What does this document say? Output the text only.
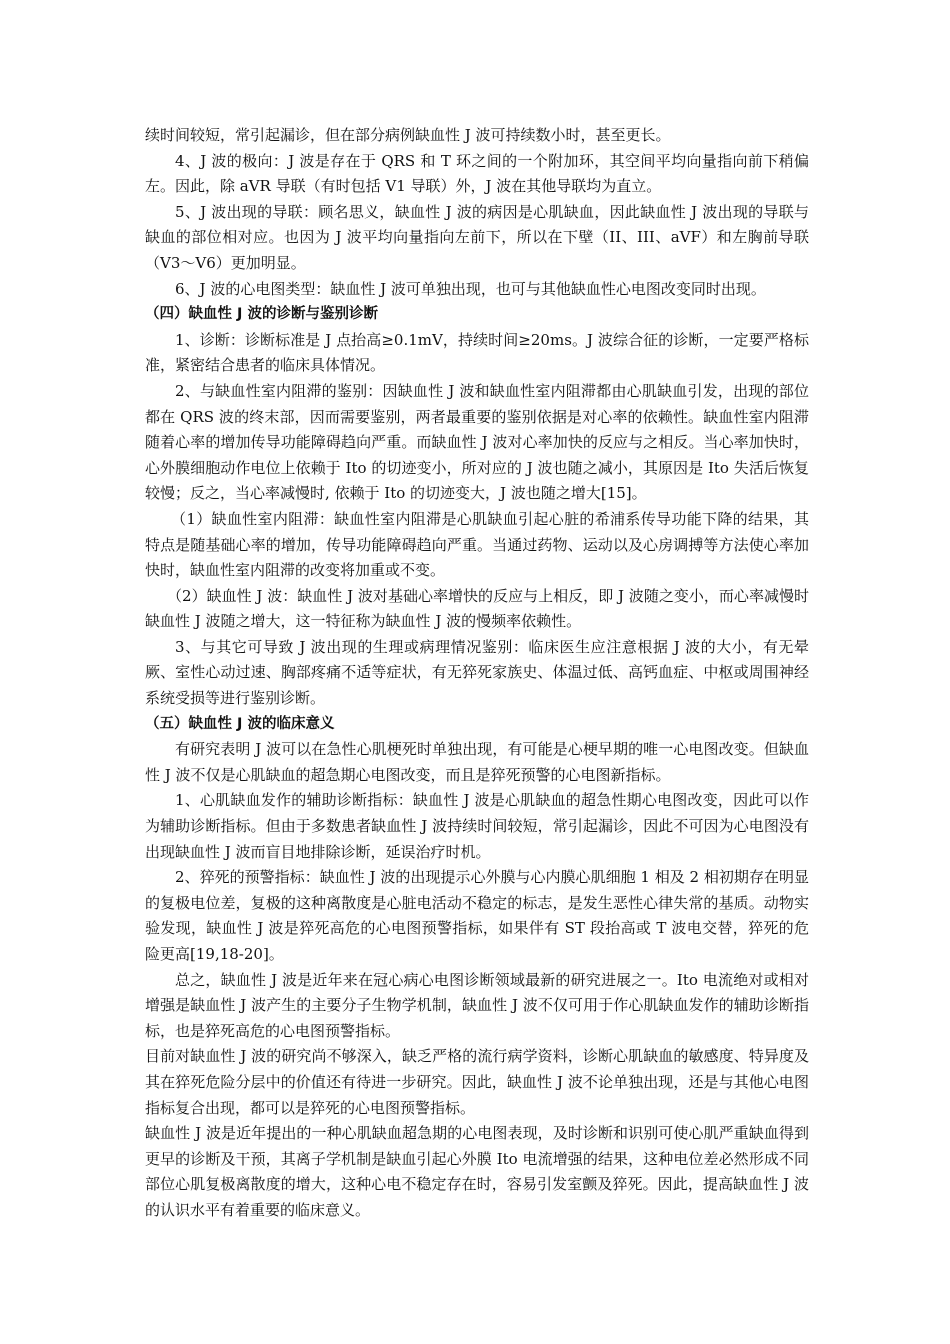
续时间较短，常引起漏诊，但在部分病例缺血性 J 波可持续数小时，甚至更长。

4、J 波的极向：J 波是存在于 QRS 和 T 环之间的一个附加环，其空间平均向量指向前下稍偏左。因此，除 aVR 导联（有时包括 V1 导联）外，J 波在其他导联均为直立。

5、J 波出现的导联：顾名思义，缺血性 J 波的病因是心肌缺血，因此缺血性 J 波出现的导联与缺血的部位相对应。也因为 J 波平均向量指向左前下，所以在下壁（II、III、aVF）和左胸前导联（V3～V6）更加明显。

6、J 波的心电图类型：缺血性 J 波可单独出现，也可与其他缺血性心电图改变同时出现。

（四）缺血性 J 波的诊断与鉴别诊断

1、诊断：诊断标准是 J 点抬高≥0.1mV，持续时间≥20ms。J 波综合征的诊断，一定要严格标准，紧密结合患者的临床具体情况。

2、与缺血性室内阻滞的鉴别：因缺血性 J 波和缺血性室内阻滞都由心肌缺血引发，出现的部位都在 QRS 波的终末部，因而需要鉴别，两者最重要的鉴别依据是对心率的依赖性。缺血性室内阻滞随着心率的增加传导功能障碍趋向严重。而缺血性 J 波对心率加快的反应与之相反。当心率加快时，心外膜细胞动作电位上依赖于 Ito 的切迹变小，所对应的 J 波也随之减小，其原因是 Ito 失活后恢复较慢；反之，当心率减慢时, 依赖于 Ito 的切迹变大，J 波也随之增大[15]。

（1）缺血性室内阻滞：缺血性室内阻滞是心肌缺血引起心脏的希浦系传导功能下降的结果，其特点是随基础心率的增加，传导功能障碍趋向严重。当通过药物、运动以及心房调搏等方法使心率加快时，缺血性室内阻滞的改变将加重或不变。

（2）缺血性 J 波：缺血性 J 波对基础心率增快的反应与上相反，即 J 波随之变小，而心率减慢时缺血性 J 波随之增大，这一特征称为缺血性 J 波的慢频率依赖性。

3、与其它可导致 J 波出现的生理或病理情况鉴别：临床医生应注意根据 J 波的大小，有无晕厥、室性心动过速、胸部疼痛不适等症状，有无猝死家族史、体温过低、高钙血症、中枢或周围神经系统受损等进行鉴别诊断。

（五）缺血性 J 波的临床意义

有研究表明 J 波可以在急性心肌梗死时单独出现，有可能是心梗早期的唯一心电图改变。但缺血性 J 波不仅是心肌缺血的超急期心电图改变，而且是猝死预警的心电图新指标。

1、心肌缺血发作的辅助诊断指标：缺血性 J 波是心肌缺血的超急性期心电图改变，因此可以作为辅助诊断指标。但由于多数患者缺血性 J 波持续时间较短，常引起漏诊，因此不可因为心电图没有出现缺血性 J 波而盲目地排除诊断，延误治疗时机。

2、猝死的预警指标：缺血性 J 波的出现提示心外膜与心内膜心肌细胞 1 相及 2 相初期存在明显的复极电位差，复极的这种离散度是心脏电活动不稳定的标志，是发生恶性心律失常的基质。动物实验发现，缺血性 J 波是猝死高危的心电图预警指标，如果伴有 ST 段抬高或 T 波电交替，猝死的危险更高[19,18-20]。

总之，缺血性 J 波是近年来在冠心病心电图诊断领域最新的研究进展之一。Ito 电流绝对或相对增强是缺血性 J 波产生的主要分子生物学机制，缺血性 J 波不仅可用于作心肌缺血发作的辅助诊断指标，也是猝死高危的心电图预警指标。

目前对缺血性 J 波的研究尚不够深入，缺乏严格的流行病学资料，诊断心肌缺血的敏感度、特异度及其在猝死危险分层中的价值还有待进一步研究。因此，缺血性 J 波不论单独出现，还是与其他心电图指标复合出现，都可以是猝死的心电图预警指标。

缺血性 J 波是近年提出的一种心肌缺血超急期的心电图表现，及时诊断和识别可使心肌严重缺血得到更早的诊断及干预，其离子学机制是缺血引起心外膜 Ito 电流增强的结果，这种电位差必然形成不同部位心肌复极离散度的增大，这种心电不稳定存在时，容易引发室颤及猝死。因此，提高缺血性 J 波的认识水平有着重要的临床意义。
